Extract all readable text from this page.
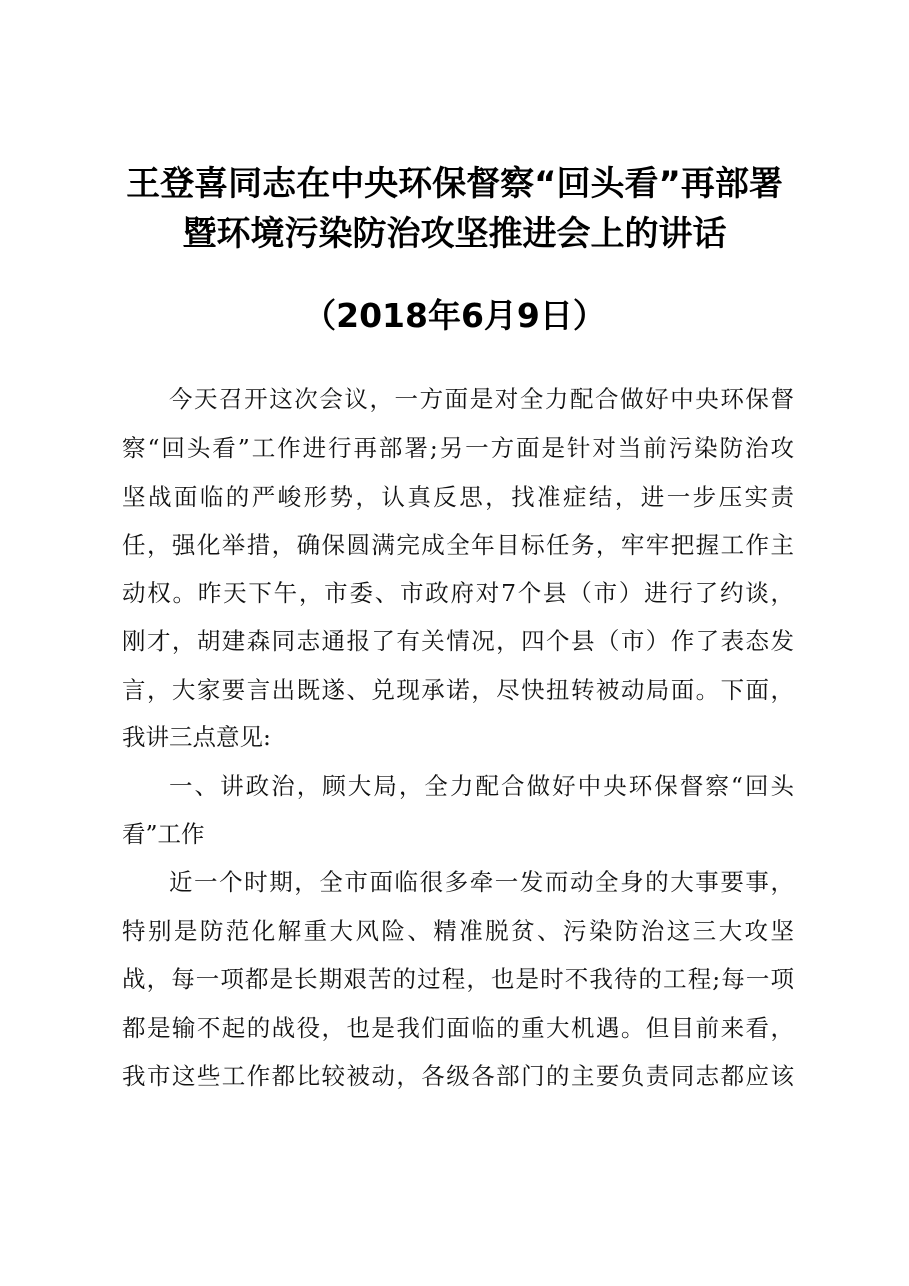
王登喜同志在中央环保督察“回头看”再部署
暨环境污染防治攻坚推进会上的讲话
（2018年6月9日）
今天召开这次会议，一方面是对全力配合做好中央环保督
察“回头看”工作进行再部署;另一方面是针对当前污染防治攻
坚战面临的严峻形势，认真反思，找准症结，进一步压实责
任，强化举措，确保圆满完成全年目标任务，牢牢把握工作主
动权。昨天下午，市委、市政府对7个县（市）进行了约谈，
刚才，胡建森同志通报了有关情况，四个县（市）作了表态发
言，大家要言出既遂、兑现承诺，尽快扭转被动局面。下面，
我讲三点意见:
一、讲政治，顾大局，全力配合做好中央环保督察“回头
看”工作
近一个时期，全市面临很多牵一发而动全身的大事要事，
特别是防范化解重大风险、精准脱贫、污染防治这三大攻坚
战，每一项都是长期艰苦的过程，也是时不我待的工程;每一项
都是输不起的战役，也是我们面临的重大机遇。但目前来看，
我市这些工作都比较被动，各级各部门的主要负责同志都应该
